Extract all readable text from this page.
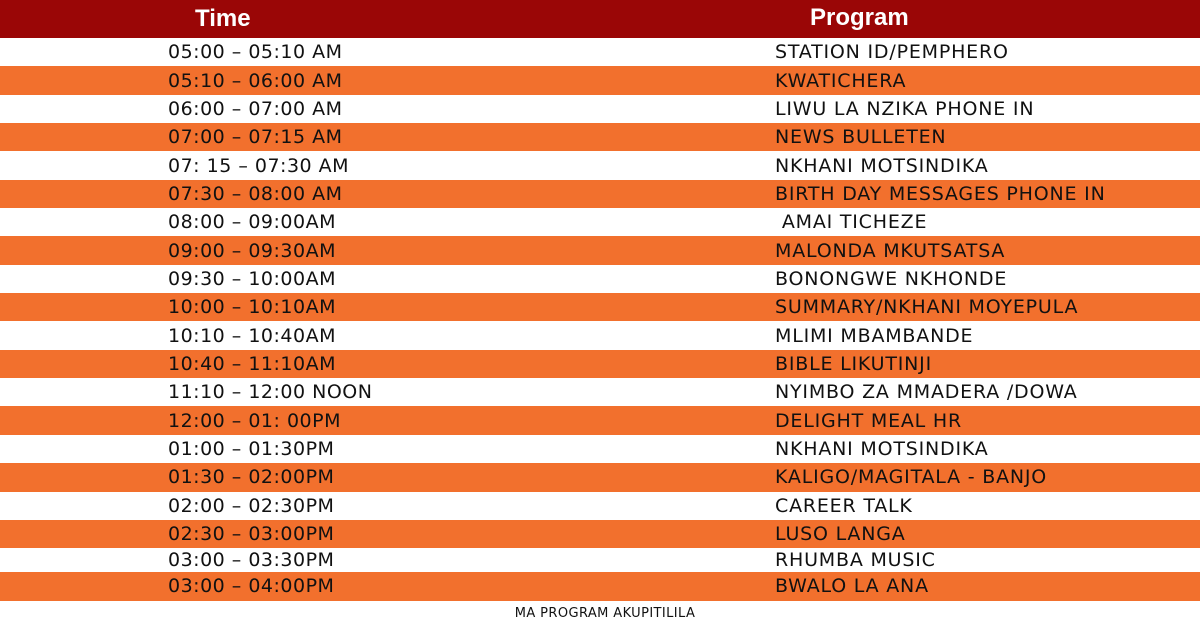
Time	Program
05:00 – 05:10 AM	STATION ID/PEMPHERO
05:10 – 06:00 AM	KWATICHERA
06:00 – 07:00 AM	LIWU LA NZIKA PHONE IN
07:00 – 07:15 AM	NEWS BULLETEN
07: 15 – 07:30 AM	NKHANI MOTSINDIKA
07:30 – 08:00 AM	BIRTH DAY MESSAGES PHONE IN
08:00 – 09:00AM	AMAI TICHEZE
09:00 – 09:30AM	MALONDA MKUTSATSA
09:30 – 10:00AM	BONONGWE NKHONDE
10:00 – 10:10AM	SUMMARY/NKHANI MOYEPULA
10:10 – 10:40AM	MLIMI MBAMBANDE
10:40 – 11:10AM	BIBLE LIKUTINJI
11:10 – 12:00 NOON	NYIMBO ZA MMADERA /DOWA
12:00 – 01: 00PM	DELIGHT MEAL HR
01:00 – 01:30PM	NKHANI MOTSINDIKA
01:30 – 02:00PM	KALIGO/MAGITALA - BANJO
02:00 – 02:30PM	CAREER TALK
02:30 – 03:00PM	LUSO LANGA
03:00 – 03:30PM	RHUMBA MUSIC
03:00 – 04:00PM	BWALO LA ANA
MA PROGRAM AKUPITILILA
